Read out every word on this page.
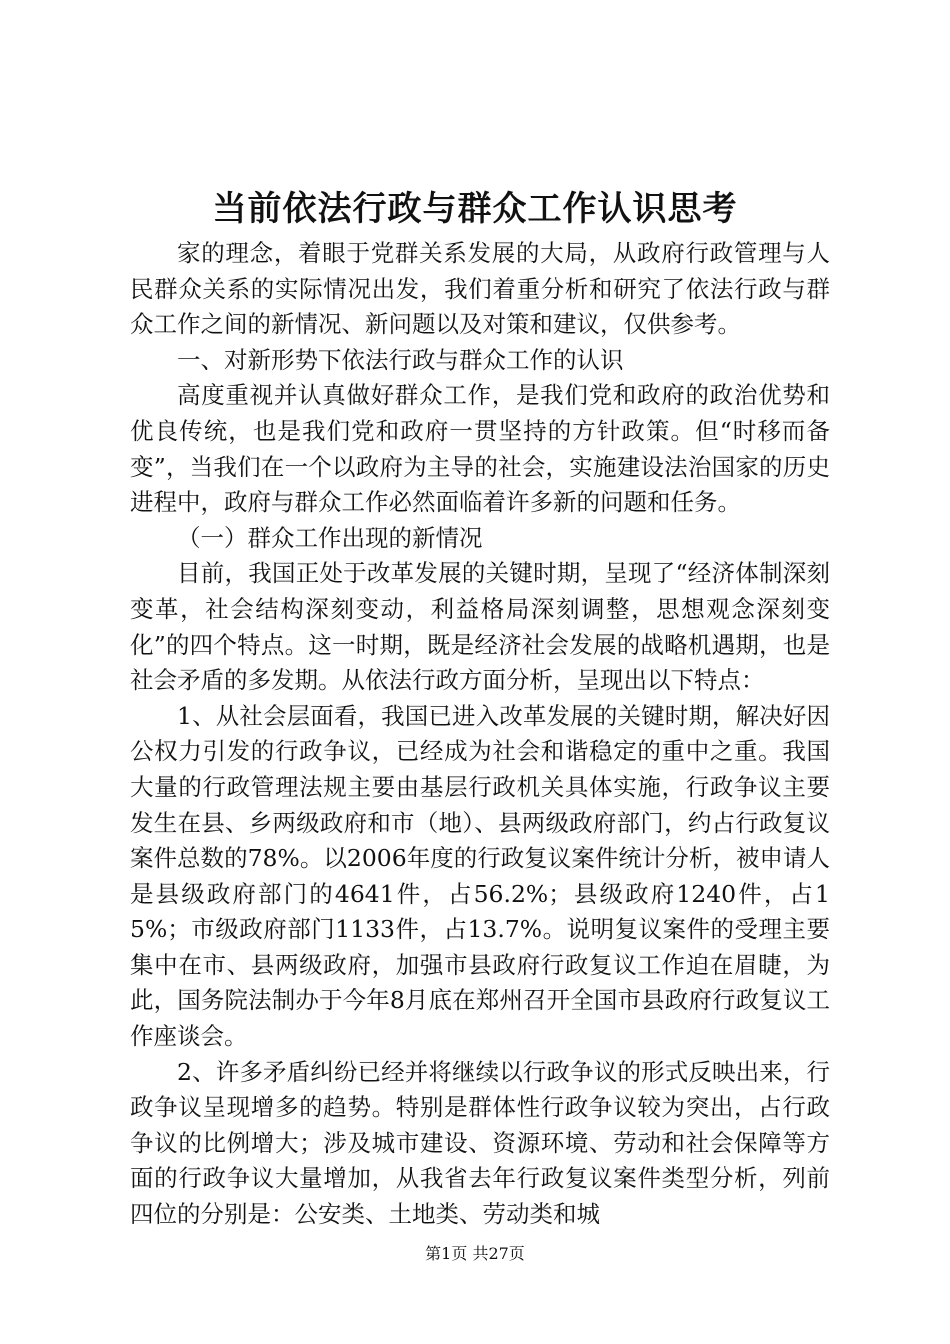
当前依法行政与群众工作认识思考

家的理念，着眼于党群关系发展的大局，从政府行政管理与人民群众关系的实际情况出发，我们着重分析和研究了依法行政与群众工作之间的新情况、新问题以及对策和建议，仅供参考。

一、对新形势下依法行政与群众工作的认识

高度重视并认真做好群众工作，是我们党和政府的政治优势和优良传统，也是我们党和政府一贯坚持的方针政策。但“时移而备变”，当我们在一个以政府为主导的社会，实施建设法治国家的历史进程中，政府与群众工作必然面临着许多新的问题和任务。

（一）群众工作出现的新情况

目前，我国正处于改革发展的关键时期，呈现了“经济体制深刻变革，社会结构深刻变动，利益格局深刻调整，思想观念深刻变化”的四个特点。这一时期，既是经济社会发展的战略机遇期，也是社会矛盾的多发期。从依法行政方面分析，呈现出以下特点：

1、从社会层面看，我国已进入改革发展的关键时期，解决好因公权力引发的行政争议，已经成为社会和谐稳定的重中之重。我国大量的行政管理法规主要由基层行政机关具体实施，行政争议主要发生在县、乡两级政府和市（地）、县两级政府部门，约占行政复议案件总数的78%。以2006年度的行政复议案件统计分析，被申请人是县级政府部门的4641件，占56.2%；县级政府1240件，占15%；市级政府部门1133件，占13.7%。说明复议案件的受理主要集中在市、县两级政府，加强市县政府行政复议工作迫在眉睫，为此，国务院法制办于今年8月底在郑州召开全国市县政府行政复议工作座谈会。

2、许多矛盾纠纷已经并将继续以行政争议的形式反映出来，行政争议呈现增多的趋势。特别是群体性行政争议较为突出，占行政争议的比例增大；涉及城市建设、资源环境、劳动和社会保障等方面的行政争议大量增加，从我省去年行政复议案件类型分析，列前四位的分别是：公安类、土地类、劳动类和城

第1页 共27页
